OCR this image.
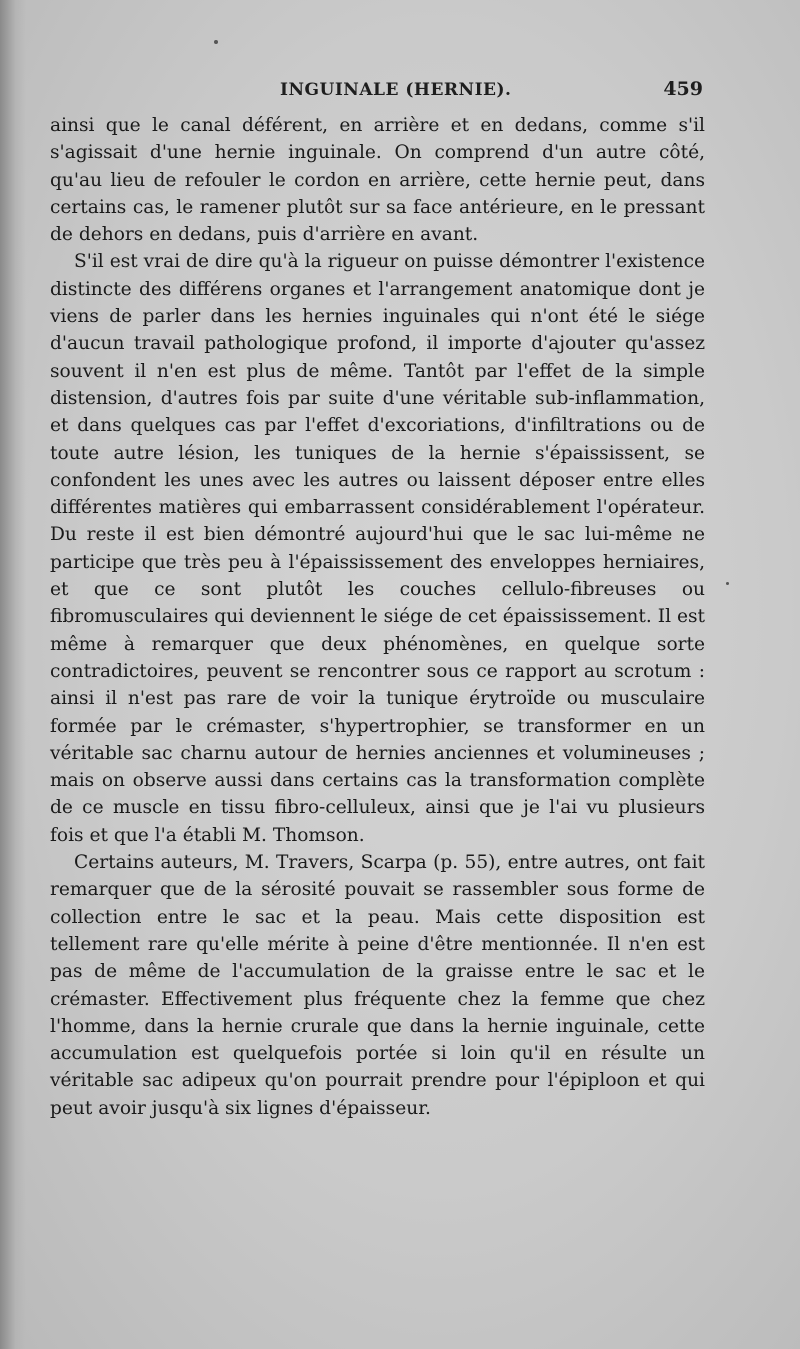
INGUINALE (HERNIE).	459

ainsi que le canal déférent, en arrière et en dedans, comme s'il s'agissait d'une hernie inguinale. On comprend d'un autre côté, qu'au lieu de refouler le cordon en arrière, cette hernie peut, dans certains cas, le ramener plutôt sur sa face antérieure, en le pressant de dehors en dedans, puis d'arrière en avant.

S'il est vrai de dire qu'à la rigueur on puisse démontrer l'existence distincte des différens organes et l'arrangement anatomique dont je viens de parler dans les hernies inguinales qui n'ont été le siége d'aucun travail pathologique profond, il importe d'ajouter qu'assez souvent il n'en est plus de même. Tantôt par l'effet de la simple distension, d'autres fois par suite d'une véritable sub-inflammation, et dans quelques cas par l'effet d'excoriations, d'infiltrations ou de toute autre lésion, les tuniques de la hernie s'épaississent, se confondent les unes avec les autres ou laissent déposer entre elles différentes matières qui embarrassent considérablement l'opérateur. Du reste il est bien démontré aujourd'hui que le sac lui-même ne participe que très peu à l'épaississement des enveloppes herniaires, et que ce sont plutôt les couches cellulo-fibreuses ou fibromusculaires qui deviennent le siége de cet épaississement. Il est même à remarquer que deux phénomènes, en quelque sorte contradictoires, peuvent se rencontrer sous ce rapport au scrotum : ainsi il n'est pas rare de voir la tunique érytroïde ou musculaire formée par le crémaster, s'hypertrophier, se transformer en un véritable sac charnu autour de hernies anciennes et volumineuses ; mais on observe aussi dans certains cas la transformation complète de ce muscle en tissu fibro-celluleux, ainsi que je l'ai vu plusieurs fois et que l'a établi M. Thomson.

Certains auteurs, M. Travers, Scarpa (p. 55), entre autres, ont fait remarquer que de la sérosité pouvait se rassembler sous forme de collection entre le sac et la peau. Mais cette disposition est tellement rare qu'elle mérite à peine d'être mentionnée. Il n'en est pas de même de l'accumulation de la graisse entre le sac et le crémaster. Effectivement plus fréquente chez la femme que chez l'homme, dans la hernie crurale que dans la hernie inguinale, cette accumulation est quelquefois portée si loin qu'il en résulte un véritable sac adipeux qu'on pourrait prendre pour l'épiploon et qui peut avoir jusqu'à six lignes d'épaisseur.
